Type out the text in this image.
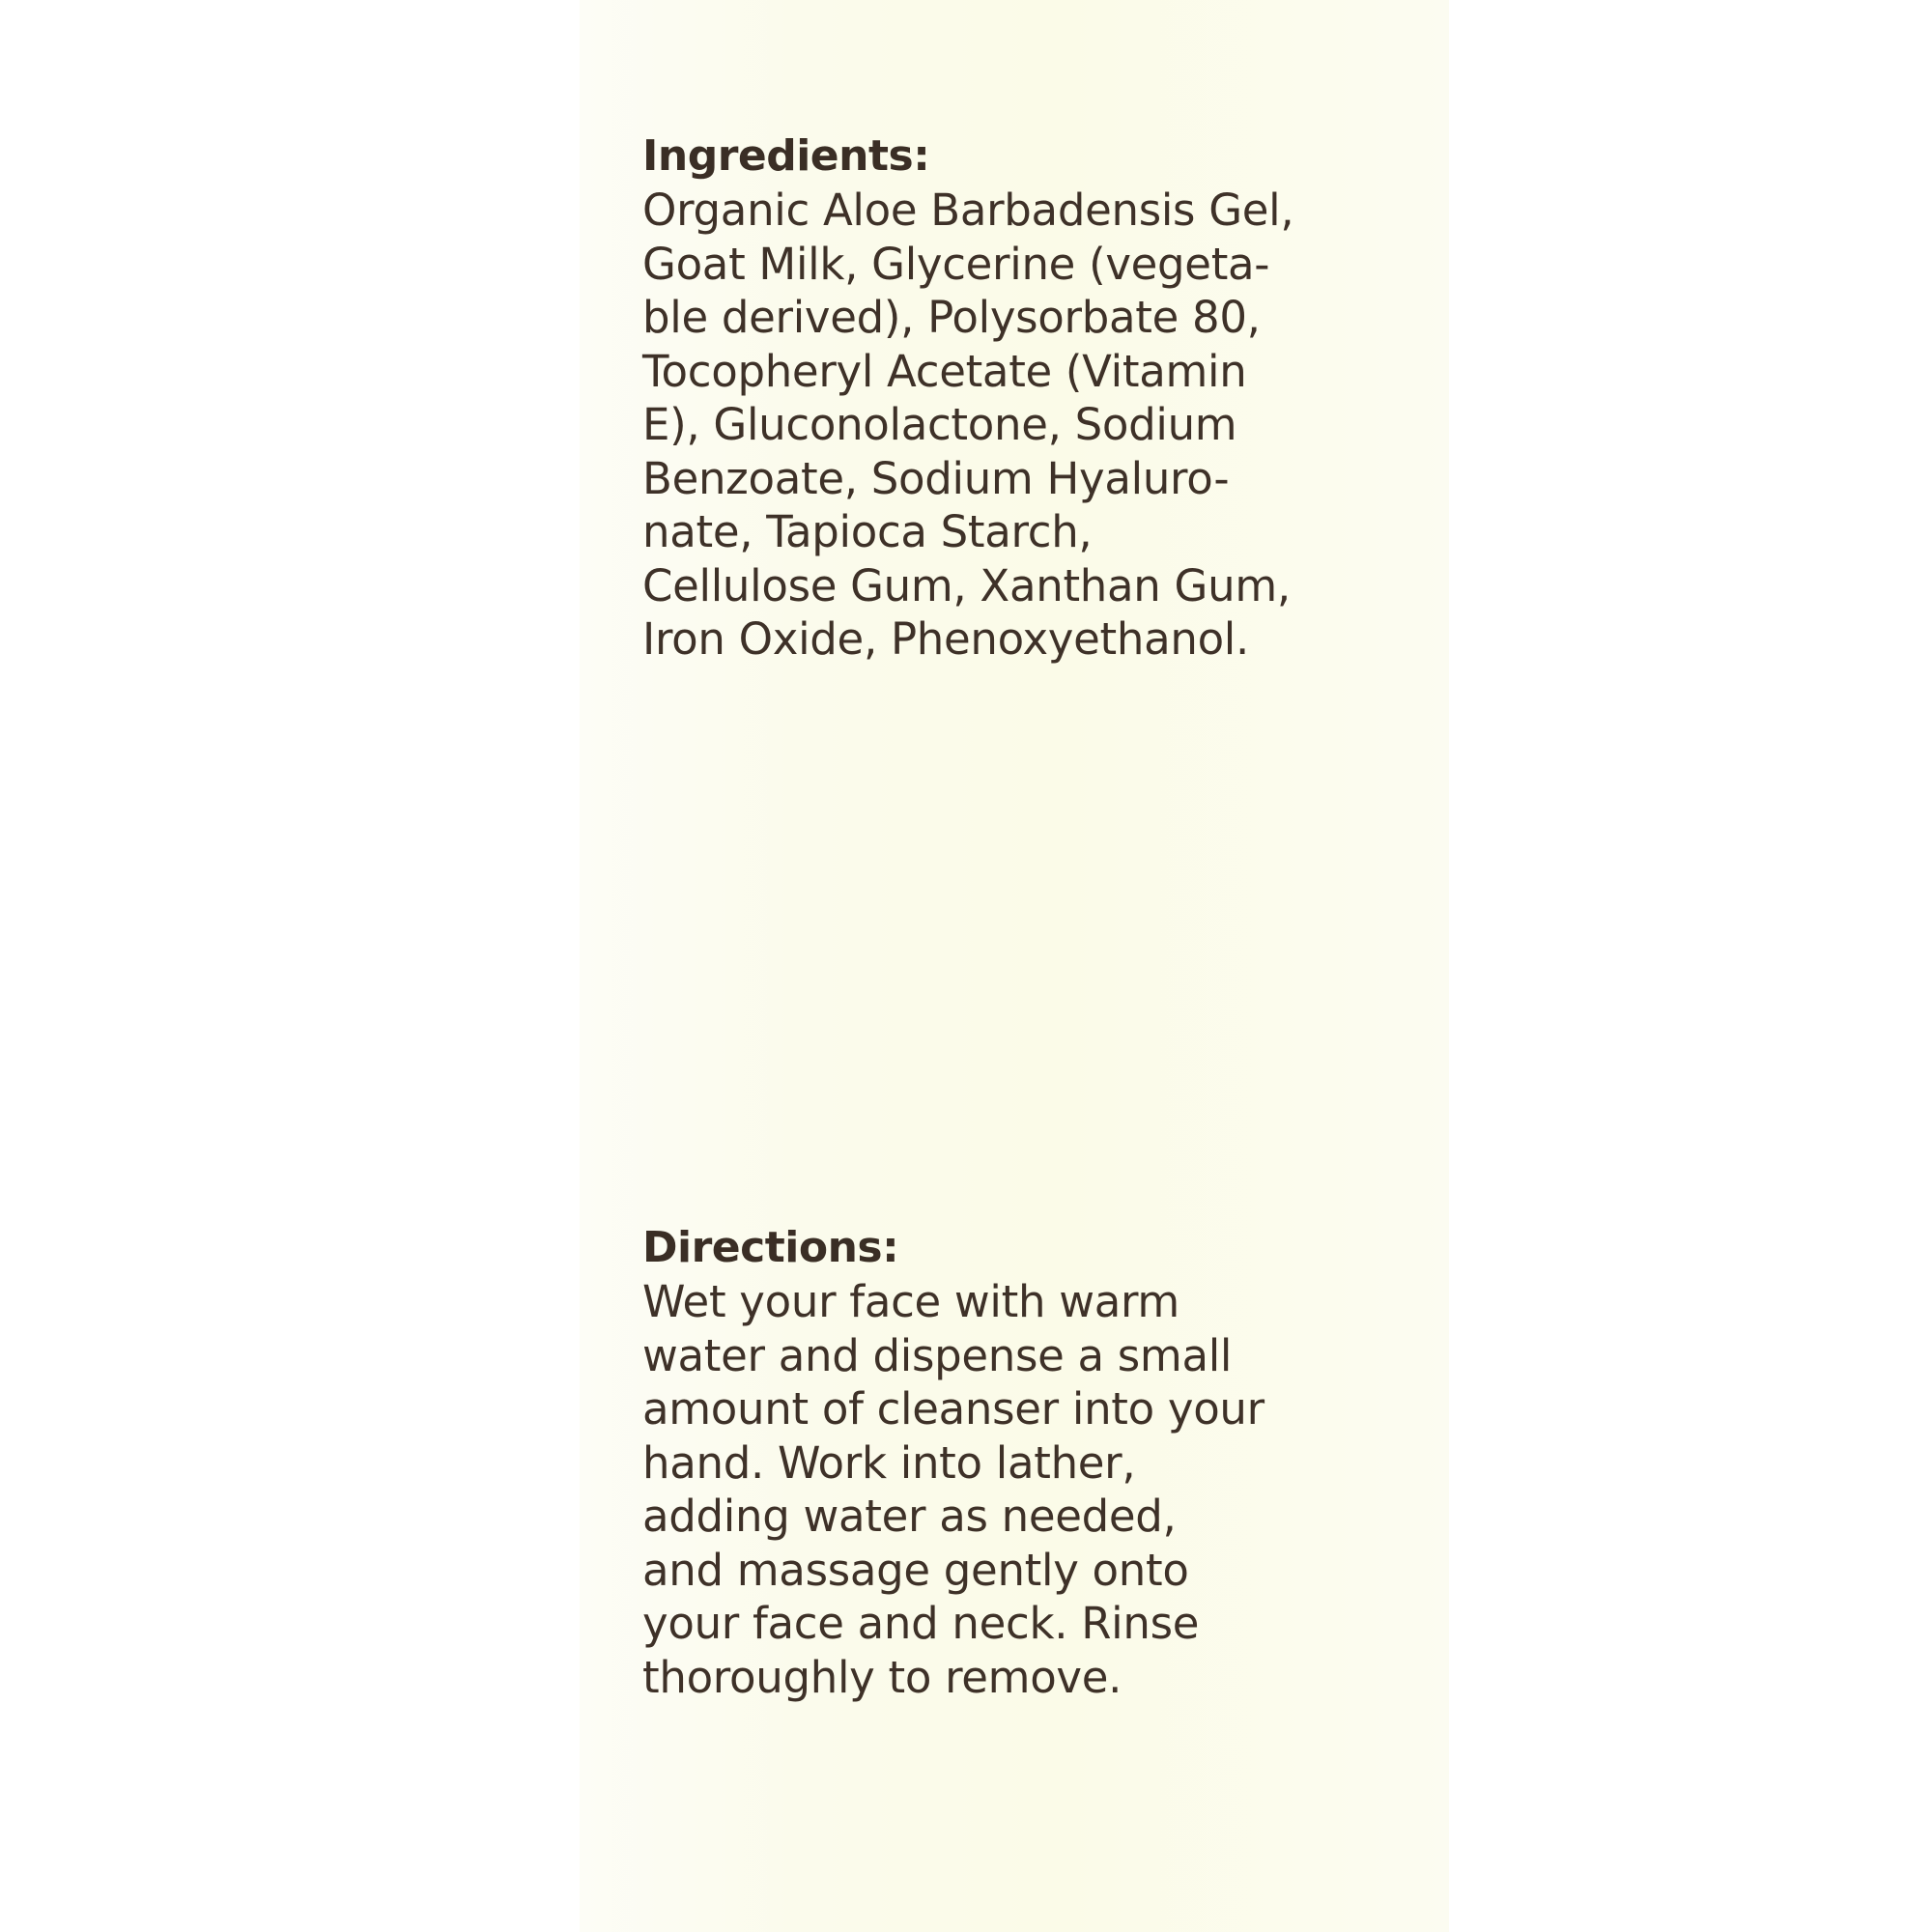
Ingredients:
Organic Aloe Barbadensis Gel,
Goat Milk, Glycerine (vegeta-
ble derived), Polysorbate 80,
Tocopheryl Acetate (Vitamin
E), Gluconolactone, Sodium
Benzoate, Sodium Hyaluro-
nate, Tapioca Starch,
Cellulose Gum, Xanthan Gum,
Iron Oxide, Phenoxyethanol.
Directions:
Wet your face with warm
water and dispense a small
amount of cleanser into your
hand. Work into lather,
adding water as needed,
and massage gently onto
your face and neck. Rinse
thoroughly to remove.
